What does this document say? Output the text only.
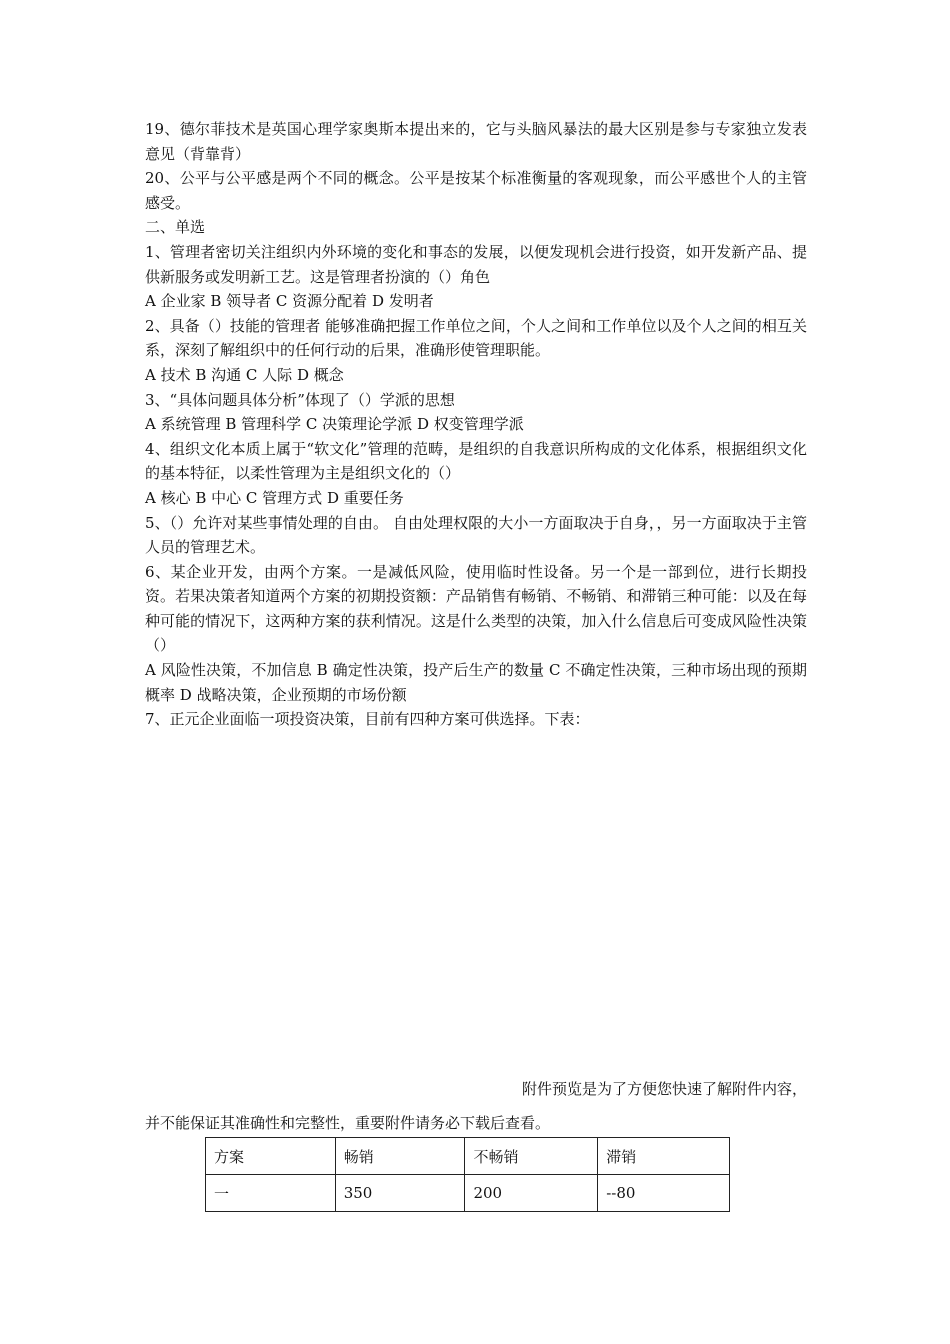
19、德尔菲技术是英国心理学家奥斯本提出来的，它与头脑风暴法的最大区别是参与专家独立发表意见（背靠背）

20、公平与公平感是两个不同的概念。公平是按某个标准衡量的客观现象，而公平感世个人的主管感受。

二、单选

1、管理者密切关注组织内外环境的变化和事态的发展，以便发现机会进行投资，如开发新产品、提供新服务或发明新工艺。这是管理者扮演的（）角色

A 企业家 B 领导者 C 资源分配着 D 发明者

2、具备（）技能的管理者 能够准确把握工作单位之间，个人之间和工作单位以及个人之间的相互关系，深刻了解组织中的任何行动的后果，准确形使管理职能。

A 技术 B 沟通 C 人际 D 概念

3、“具体问题具体分析”体现了（）学派的思想

A 系统管理 B 管理科学 C 决策理论学派 D 权变管理学派

4、组织文化本质上属于“软文化”管理的范畴，是组织的自我意识所构成的文化体系，根据组织文化的基本特征，以柔性管理为主是组织文化的（）

A 核心 B 中心 C 管理方式 D 重要任务

5、（）允许对某些事情处理的自由。 自由处理权限的大小一方面取决于自身，，另一方面取决于主管人员的管理艺术。

6、某企业开发，由两个方案。一是减低风险，使用临时性设备。另一个是一部到位，进行长期投资。若果决策者知道两个方案的初期投资额：产品销售有畅销、不畅销、和滞销三种可能：以及在每种可能的情况下，这两种方案的获利情况。这是什么类型的决策，加入什么信息后可变成风险性决策（）

A 风险性决策，不加信息 B 确定性决策，投产后生产的数量 C 不确定性决策，三种市场出现的预期概率 D 战略决策，企业预期的市场份额

7、正元企业面临一项投资决策，目前有四种方案可供选择。下表：

附件预览是为了方便您快速了解附件内容，
并不能保证其准确性和完整性，重要附件请务必下载后查看。
方案	畅销	不畅销	滞销
一	350	200	--80
